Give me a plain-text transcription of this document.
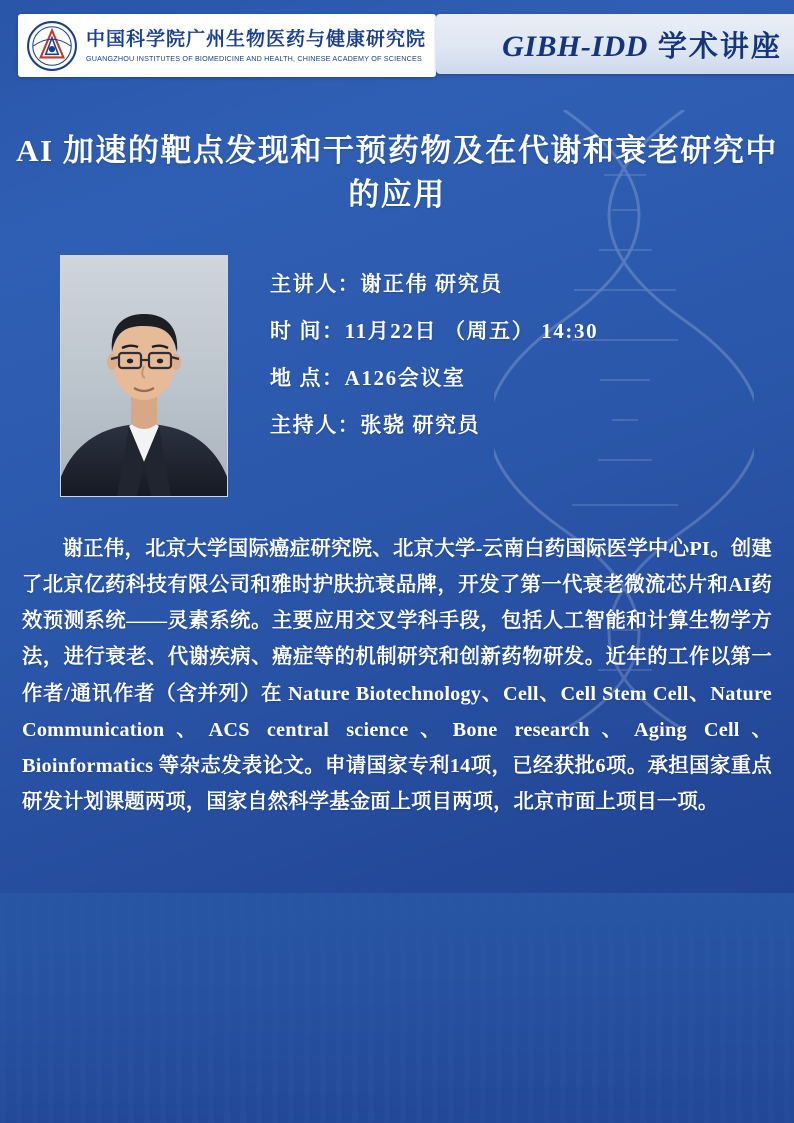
中国科学院广州生物医药与健康研究院
GUANGZHOU INSTITUTES OF BIOMEDICINE AND HEALTH, CHINESE ACADEMY OF SCIENCES	GIBH-IDD 学术讲座
AI 加速的靶点发现和干预药物及在代谢和衰老研究中的应用
主讲人：谢正伟 研究员
时 间：11月22日 （周五） 14:30
地 点：A126会议室
主持人：张骁 研究员
谢正伟，北京大学国际癌症研究院、北京大学-云南白药国际医学中心PI。创建了北京亿药科技有限公司和雅时护肤抗衰品牌，开发了第一代衰老微流芯片和AI药效预测系统——灵素系统。主要应用交叉学科手段，包括人工智能和计算生物学方法，进行衰老、代谢疾病、癌症等的机制研究和创新药物研发。近年的工作以第一作者/通讯作者（含并列）在 Nature Biotechnology、Cell、Cell Stem Cell、Nature Communication、ACS central science、Bone research、Aging Cell、Bioinformatics 等杂志发表论文。申请国家专利14项，已经获批6项。承担国家重点研发计划课题两项，国家自然科学基金面上项目两项，北京市面上项目一项。
